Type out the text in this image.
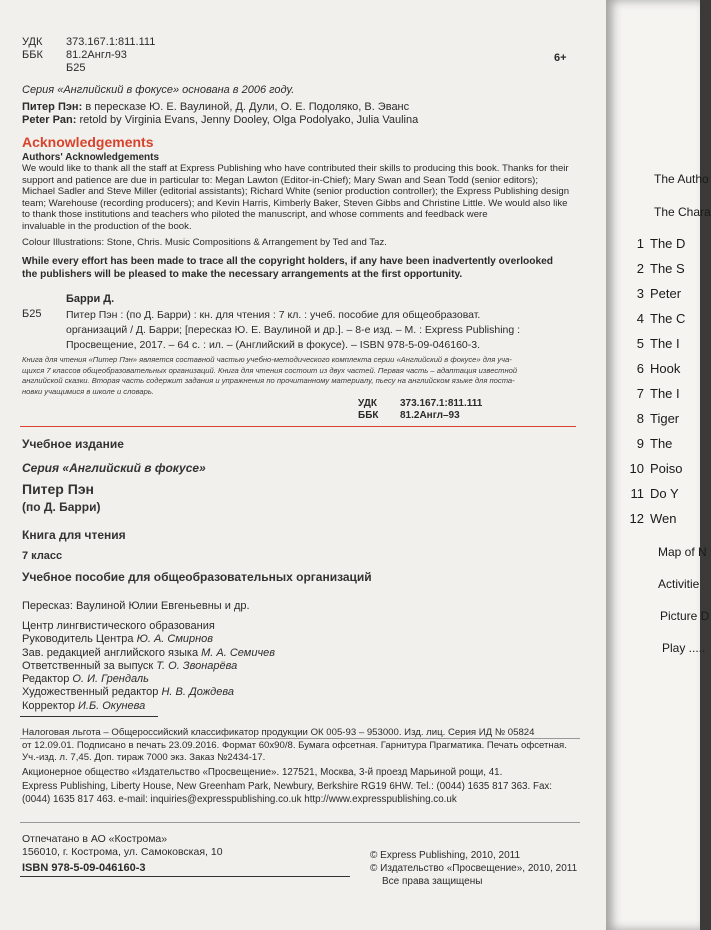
УДК 373.167.1:811.111
ББК 81.2Англ-93
Б25
6+
Серия «Английский в фокусе» основана в 2006 году.
Питер Пэн: в пересказе Ю. Е. Ваулиной, Д. Дули, О. Е. Подоляко, В. Эванс
Peter Pan: retold by Virginia Evans, Jenny Dooley, Olga Podolyako, Julia Vaulina
Acknowledgements
Authors' Acknowledgements
We would like to thank all the staff at Express Publishing who have contributed their skills to producing this book. Thanks for their
support and patience are due in particular to: Megan Lawton (Editor-in-Chief); Mary Swan and Sean Todd (senior editors);
Michael Sadler and Steve Miller (editorial assistants); Richard White (senior production controller); the Express Publishing design
team; Warehouse (recording producers); and Kevin Harris, Kimberly Baker, Steven Gibbs and Christine Little. We would also like
to thank those institutions and teachers who piloted the manuscript, and whose comments and feedback were
invaluable in the production of the book.
Colour Illustrations: Stone, Chris. Music Compositions & Arrangement by Ted and Taz.
While every effort has been made to trace all the copyright holders, if any have been inadvertently overlooked
the publishers will be pleased to make the necessary arrangements at the first opportunity.
Барри Д.
Б25 Питер Пэн : (по Д. Барри) : кн. для чтения : 7 кл. : учеб. пособие для общеобразоват.
организаций / Д. Барри; [пересказ Ю. Е. Ваулиной и др.]. – 8-е изд. – М. : Express Publishing :
Просвещение, 2017. – 64 с. : ил. – (Английский в фокусе). – ISBN 978-5-09-046160-3.
Книга для чтения «Питер Пэн» является составной частью учебно-методического комплекта серии «Английский в фокусе» для уча-
щихся 7 классов общеобразовательных организаций. Книга для чтения состоит из двух частей. Первая часть – адаптация известной
английской сказки. Вторая часть содержит задания и упражнения по прочитанному материалу, пьесу на английском языке для поста-
новки учащимися в школе и словарь.
УДК 373.167.1:811.111
ББК 81.2Англ–93
Учебное издание
Серия «Английский в фокусе»
Питер Пэн
(по Д. Барри)
Книга для чтения
7 класс
Учебное пособие для общеобразовательных организаций
Пересказ: Ваулиной Юлии Евгеньевны и др.
Центр лингвистического образования
Руководитель Центра Ю. А. Смирнов
Зав. редакцией английского языка М. А. Семичев
Ответственный за выпуск Т. О. Звонарёва
Редактор О. И. Грендаль
Художественный редактор Н. В. Дождева
Корректор И.Б. Окунева
Налоговая льгота – Общероссийский классификатор продукции ОК 005-93 – 953000. Изд. лиц. Серия ИД № 05824
от 12.09.01. Подписано в печать 23.09.2016. Формат 60x90/8. Бумага офсетная. Гарнитура Прагматика. Печать офсетная.
Уч.-изд. л. 7,45. Доп. тираж 7000 экз. Заказ №2434-17.
Акционерное общество «Издательство «Просвещение». 127521, Москва, 3-й проезд Марьиной рощи, 41.
Express Publishing, Liberty House, New Greenham Park, Newbury, Berkshire RG19 6HW. Tel.: (0044) 1635 817 363. Fax:
(0044) 1635 817 463. e-mail: inquiries@expresspublishing.co.uk http://www.expresspublishing.co.uk
Отпечатано в АО «Кострома»
156010, г. Кострома, ул. Самоковская, 10
ISBN 978-5-09-046160-3
© Express Publishing, 2010, 2011
© Издательство «Просвещение», 2010, 2011
Все права защищены
The Autho
The Chara
1 The D
2 The S
3 Peter
4 The C
5 The I
6 Hook
7 The I
8 Tiger
9 The
10 Poiso
11 Do Y
12 Wen
Map of N
Activitie
Picture D
Play .....
